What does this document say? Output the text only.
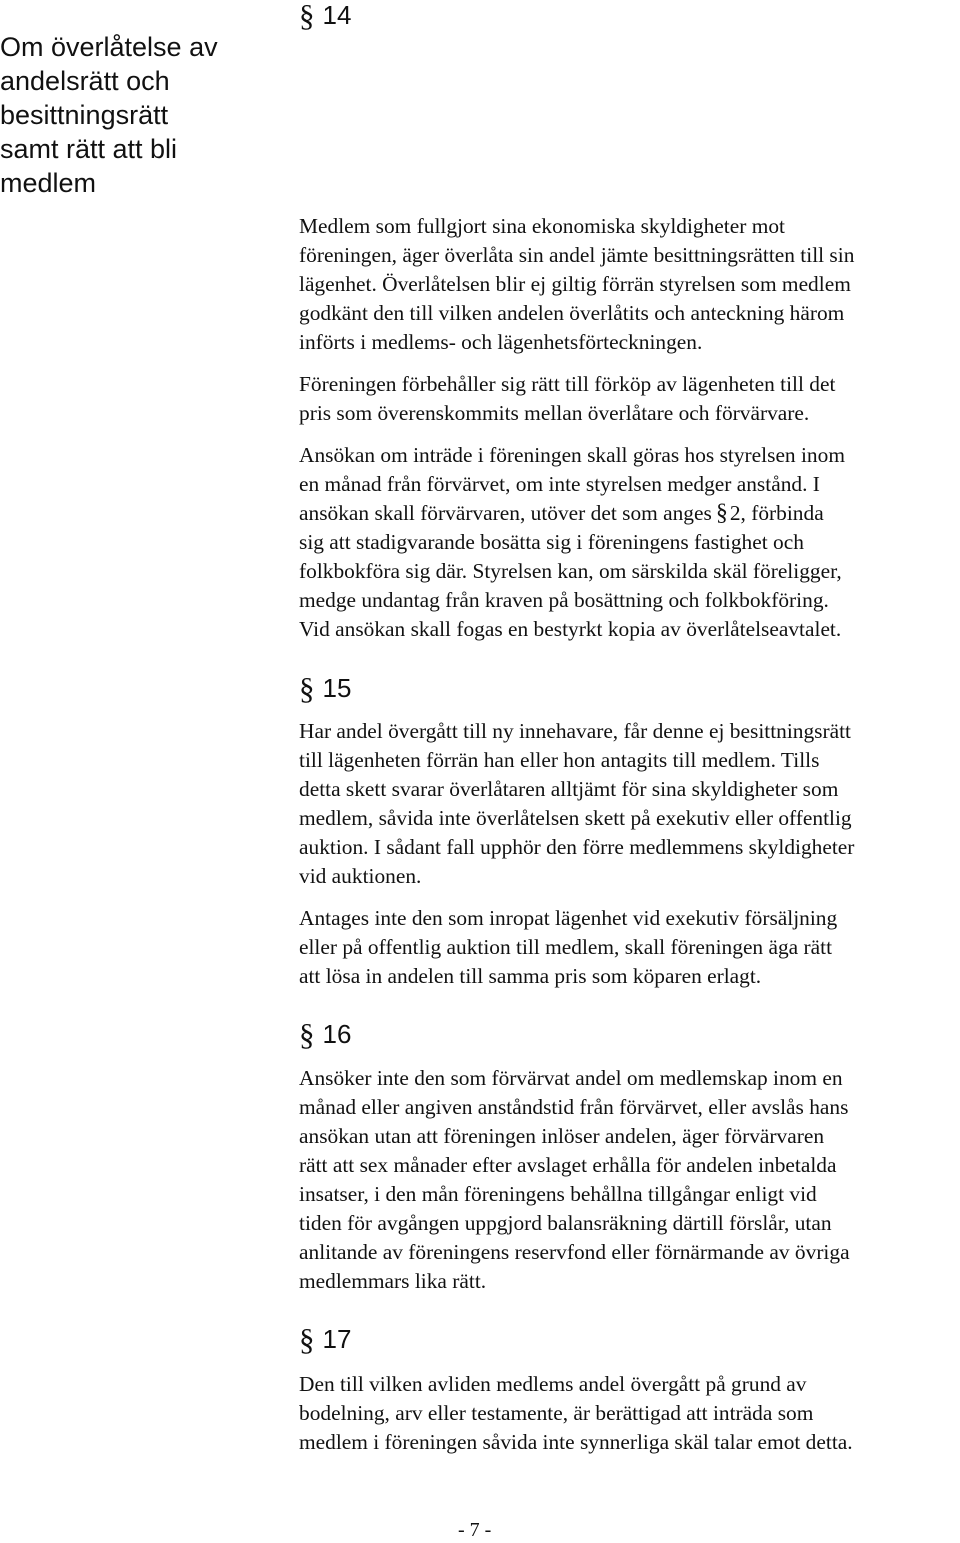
Om överlåtelse av
andelsrätt och
besittningsrätt
samt rätt att bli
medlem
§ 14

Medlem som fullgjort sina ekonomiska skyldigheter mot
föreningen, äger överlåta sin andel jämte besittningsrätten till sin
lägenhet. Överlåtelsen blir ej giltig förrän styrelsen som medlem
godkänt den till vilken andelen överlåtits och anteckning härom
införts i medlems- och lägenhetsförteckningen.

Föreningen förbehåller sig rätt till förköp av lägenheten till det
pris som överenskommits mellan överlåtare och förvärvare.

Ansökan om inträde i föreningen skall göras hos styrelsen inom
en månad från förvärvet, om inte styrelsen medger anstånd. I
ansökan skall förvärvaren, utöver det som anges §2, förbinda
sig att stadigvarande bosätta sig i föreningens fastighet och
folkbokföra sig där. Styrelsen kan, om särskilda skäl föreligger,
medge undantag från kraven på bosättning och folkbokföring.
Vid ansökan skall fogas en bestyrkt kopia av överlåtelseavtalet.

§ 15

Har andel övergått till ny innehavare, får denne ej besittningsrätt
till lägenheten förrän han eller hon antagits till medlem. Tills
detta skett svarar överlåtaren alltjämt för sina skyldigheter som
medlem, såvida inte överlåtelsen skett på exekutiv eller offentlig
auktion. I sådant fall upphör den förre medlemmens skyldigheter
vid auktionen.

Antages inte den som inropat lägenhet vid exekutiv försäljning
eller på offentlig auktion till medlem, skall föreningen äga rätt
att lösa in andelen till samma pris som köparen erlagt.

§ 16

Ansöker inte den som förvärvat andel om medlemskap inom en
månad eller angiven anståndstid från förvärvet, eller avslås hans
ansökan utan att föreningen inlöser andelen, äger förvärvaren
rätt att sex månader efter avslaget erhålla för andelen inbetalda
insatser, i den mån föreningens behållna tillgångar enligt vid
tiden för avgången uppgjord balansräkning därtill förslår, utan
anlitande av föreningens reservfond eller förnärmande av övriga
medlemmars lika rätt.

§ 17

Den till vilken avliden medlems andel övergått på grund av
bodelning, arv eller testamente, är berättigad att inträda som
medlem i föreningen såvida inte synnerliga skäl talar emot detta.

- 7 -
